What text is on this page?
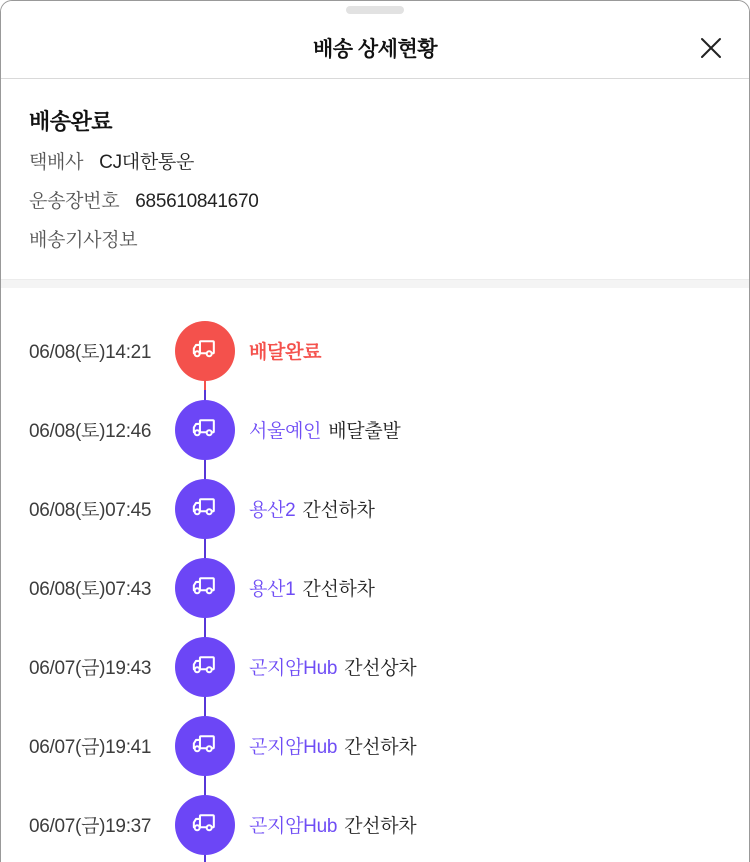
배송 상세현황
배송완료
택배사 CJ대한통운
운송장번호 685610841670
배송기사정보
06/08(토)14:21	배달완료
06/08(토)12:46	서울예인 배달출발
06/08(토)07:45	용산2 간선하차
06/08(토)07:43	용산1 간선하차
06/07(금)19:43	곤지암Hub 간선상차
06/07(금)19:41	곤지암Hub 간선하차
06/07(금)19:37	곤지암Hub 간선하차
